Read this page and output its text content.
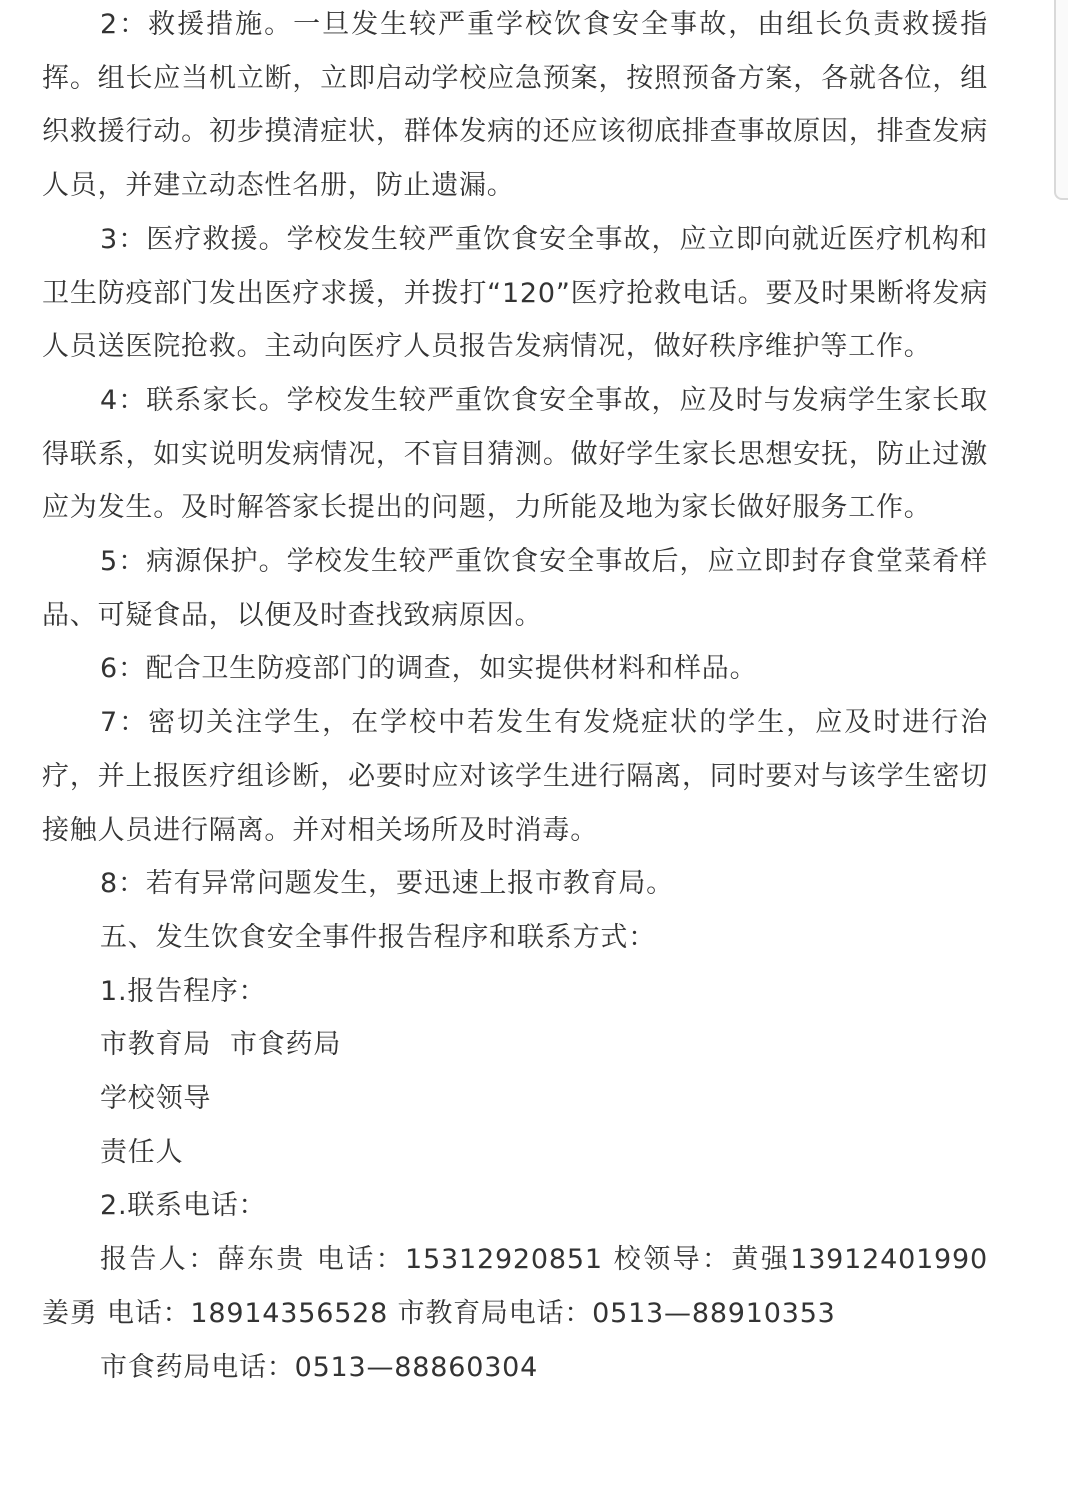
2：救援措施。一旦发生较严重学校饮食安全事故，由组长负责救援指挥。组长应当机立断，立即启动学校应急预案，按照预备方案，各就各位，组织救援行动。初步摸清症状，群体发病的还应该彻底排查事故原因，排查发病人员，并建立动态性名册，防止遗漏。

3：医疗救援。学校发生较严重饮食安全事故，应立即向就近医疗机构和卫生防疫部门发出医疗求援，并拨打“120”医疗抢救电话。要及时果断将发病人员送医院抢救。主动向医疗人员报告发病情况，做好秩序维护等工作。

4：联系家长。学校发生较严重饮食安全事故，应及时与发病学生家长取得联系，如实说明发病情况，不盲目猜测。做好学生家长思想安抚，防止过激应为发生。及时解答家长提出的问题，力所能及地为家长做好服务工作。

5：病源保护。学校发生较严重饮食安全事故后，应立即封存食堂菜肴样品、可疑食品，以便及时查找致病原因。

6：配合卫生防疫部门的调查，如实提供材料和样品。

7：密切关注学生，在学校中若发生有发烧症状的学生，应及时进行治疗，并上报医疗组诊断，必要时应对该学生进行隔离，同时要对与该学生密切接触人员进行隔离。并对相关场所及时消毒。

8：若有异常问题发生，要迅速上报市教育局。

五、发生饮食安全事件报告程序和联系方式：

1.报告程序：

市教育局  市食药局

学校领导

责任人

2.联系电话：

报告人：薛东贵 电话：15312920851 校领导：黄强13912401990 姜勇 电话：18914356528 市教育局电话：0513—88910353

市食药局电话：0513—88860304
